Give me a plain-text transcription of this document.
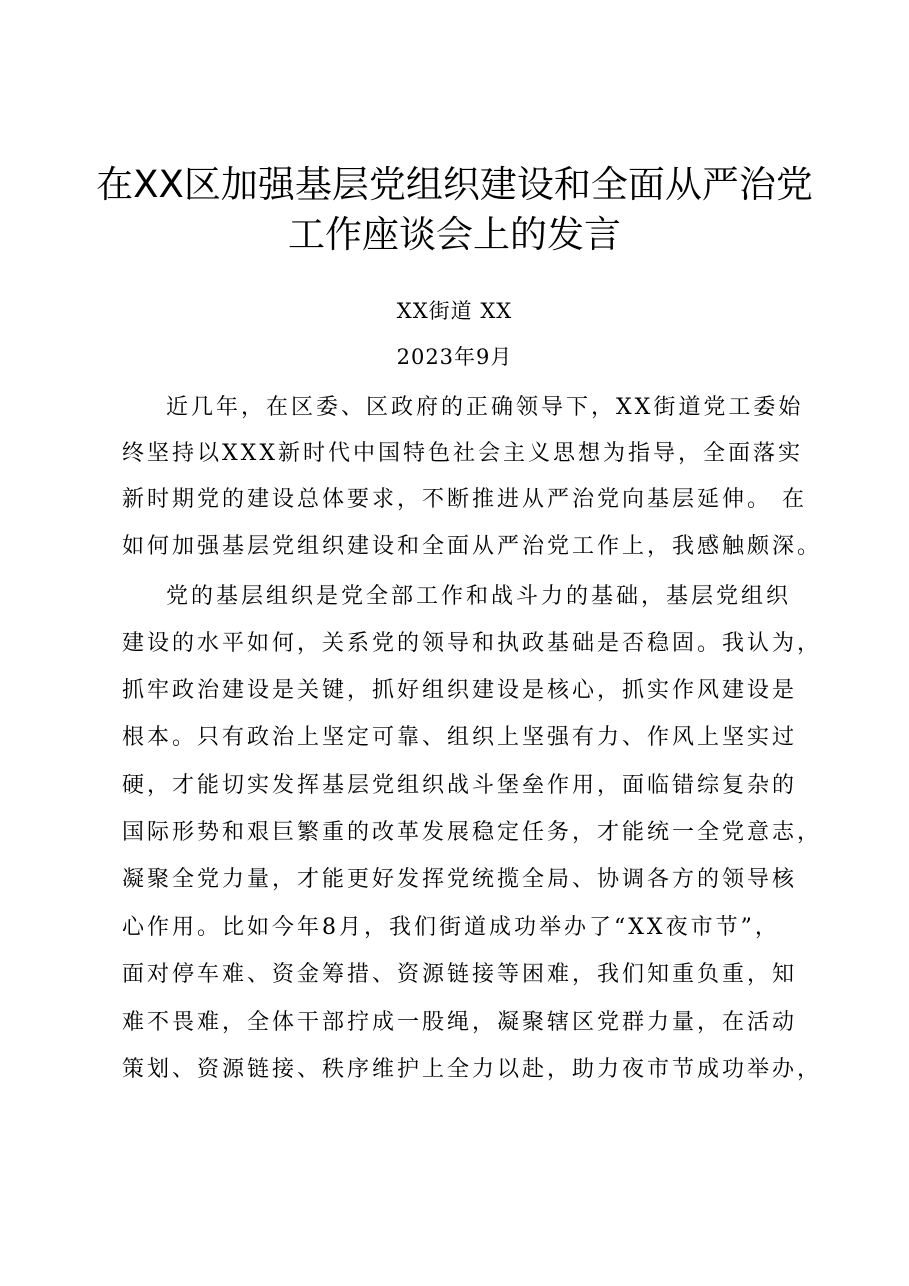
在XX区加强基层党组织建设和全面从严治党
工作座谈会上的发言
XX街道 XX
2023年9月
近几年，在区委、区政府的正确领导下，XX街道党工委始
终坚持以XXX新时代中国特色社会主义思想为指导，全面落实
新时期党的建设总体要求，不断推进从严治党向基层延伸。 在
如何加强基层党组织建设和全面从严治党工作上，我感触颇深。
党的基层组织是党全部工作和战斗力的基础，基层党组织
建设的水平如何，关系党的领导和执政基础是否稳固。我认为，
抓牢政治建设是关键，抓好组织建设是核心，抓实作风建设是
根本。只有政治上坚定可靠、组织上坚强有力、作风上坚实过
硬，才能切实发挥基层党组织战斗堡垒作用，面临错综复杂的
国际形势和艰巨繁重的改革发展稳定任务，才能统一全党意志，
凝聚全党力量，才能更好发挥党统揽全局、协调各方的领导核
心作用。比如今年8月，我们街道成功举办了“XX夜市节”，
面对停车难、资金筹措、资源链接等困难，我们知重负重，知
难不畏难，全体干部拧成一股绳，凝聚辖区党群力量，在活动
策划、资源链接、秩序维护上全力以赴，助力夜市节成功举办，
